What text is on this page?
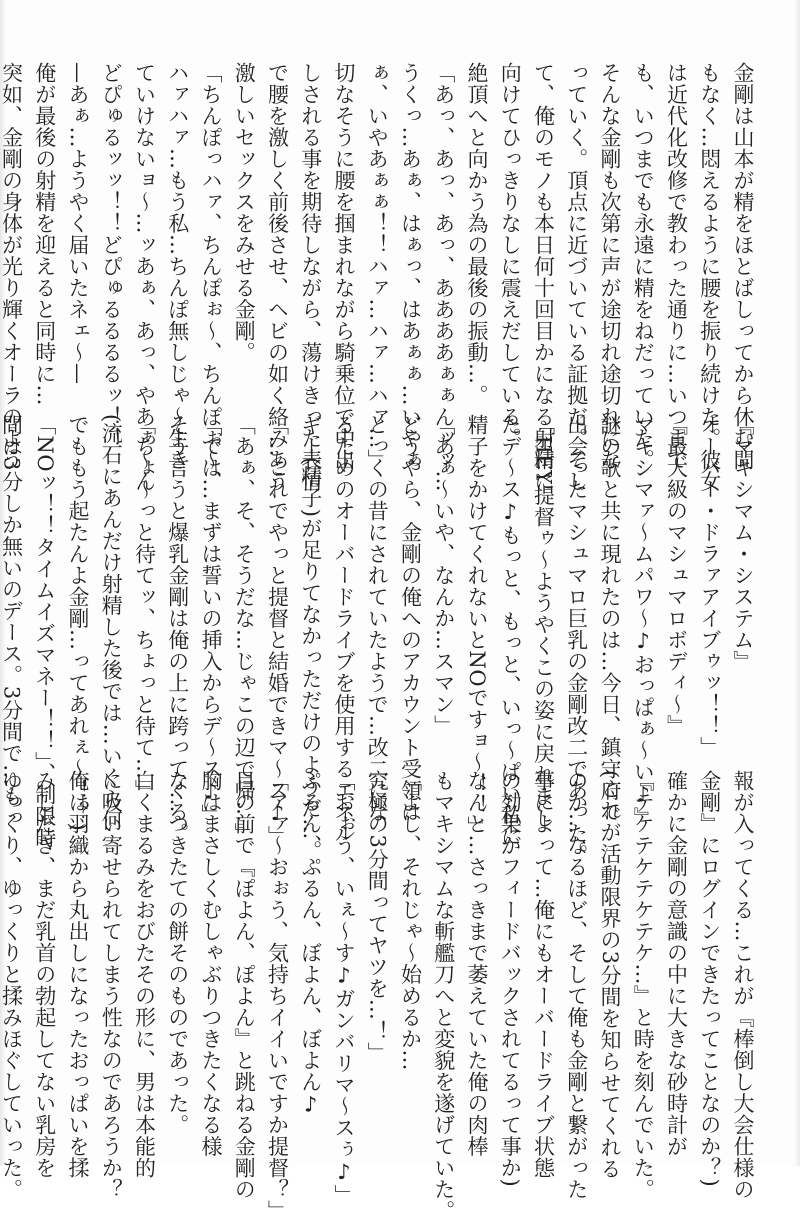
金剛は山本が精をほとばしってから休む間
もなく…悶えるように腰を振り続けた。彼女
は近代化改修で教わった通りに…いつまで
も、いつまでも永遠に精をねだっていた。
そんな金剛も次第に声が途切れ途切れにな
っていく。頂点に近づいている証拠だ。そし
て、俺のモノも本日何十回目かになる射精に
向けてひっきりなしに震えだしている。
絶頂へと向かう為の最後の振動…。
「あっ、あっ、あっ、ああああぁぁんッッ…
うくっ…あぁ、はぁっ、はあぁぁ…いやぁ
ぁ、いやあぁぁ！！ハァ…ハァ…ハァ…」
切なそうに腰を掴まれながら騎乗位で中出
しされる事を期待しながら、蕩けきった表情
で腰を激しく前後させ、ヘビの如く絡みあう
激しいセックスをみせる金剛。
「ちんぽっハァ、ちんぽぉ〜、ちんぽぉ〜、
ハァハァ…もう私…ちんぽ無しじゃ〜生き
ていけないョ〜…ッあぁ、あっ、やあぁ〜ん
どぴゅるッッ！！どぴゅるるるるッ！！
—あぁ…ようやく届いたネェ〜—
俺が最後の射精を迎えると同時に…
突如、金剛の身体が光り輝くオーラのよう
『マキシマム・システム』
オーバー・ドラァアイブゥッ！！」
『最大級のマシュマロボディ〜』
マキシマァ〜ムパワ〜♪おっぱぁ〜い♪』
謎の歌と共に現れたのは…今日、鎮守府で
出会ったマシュマロ巨乳の金剛改二であった。
「HEY提督ゥ〜ようやくこの姿に戻れまし
たデ〜ス♪もっと、もっと、いっ〜ぱい私に
精子をかけてくれないとNOですョ〜！！」
「あぁ〜いや、なんか…スマン」
どうやら、金剛の俺へのアカウント受領は
とっくの昔にされていたようで…改二にな
るためのオーバードライブを使用するエネル
ギー(精子)が足りてなかっただけのようだ…。
「…これでやっと提督と結婚できマ〜ス♪」
「あぁ、そ、そうだな…じゃこの辺で帰…」
「では…まずは誓いの挿入からデ〜ス♪」
そう言うと爆乳金剛は俺の上に跨ってくる。
「ちょ〜っと待てッ、ちょっと待て…」
(流石にあんだけ射精した後では…いくら何
でももう起たんよ金剛…ってあれぇ〜！？)
「NOッ！！タイムイズマネー！！」、制限時
間は3分しか無いのデース。3分間で…もっ
報が入ってくる…これが『棒倒し大会仕様の
金剛』にログインできたってことなのか？)
確かに金剛の意識の中に大きな砂時計が
『テケテケテケテケ…』と時を刻んでいた。
(これが活動限界の3分間を知らせてくれる
のか…なるほど、そして俺も金剛と繋がった
事によって…俺にもオーバードライブ状態
の効果がフィードバックされてるって事か)
なんと…さっきまで萎えていた俺の肉棒
もマキシマムな斬艦刀へと変貌を遂げていた。
「よし、それじゃ〜始めるか…
究極の3分間ってヤツを…！」
「おぉう、いぇ〜す♪ガンバリマ〜スぅ♪」
ぷるん、ぷるん、ぼよん、ぼよん♪
「アァ〜おぉう、気持ちイイいですか提督？」
目の前で『ぽよん、ぽよん』と跳ねる金剛の
胸はまさしくむしゃぶりつきたくなる様
な…つきたての餅そのものであった。
白くまるみをおびたその形に、男は本能的
に吸い寄せられてしまう性なのであろうか？
俺は羽織から丸出しになったおっぱいを揉
みしだき、まだ乳首の勃起してない乳房を
ゆっくり、ゆっくりと揉みほぐしていった。
